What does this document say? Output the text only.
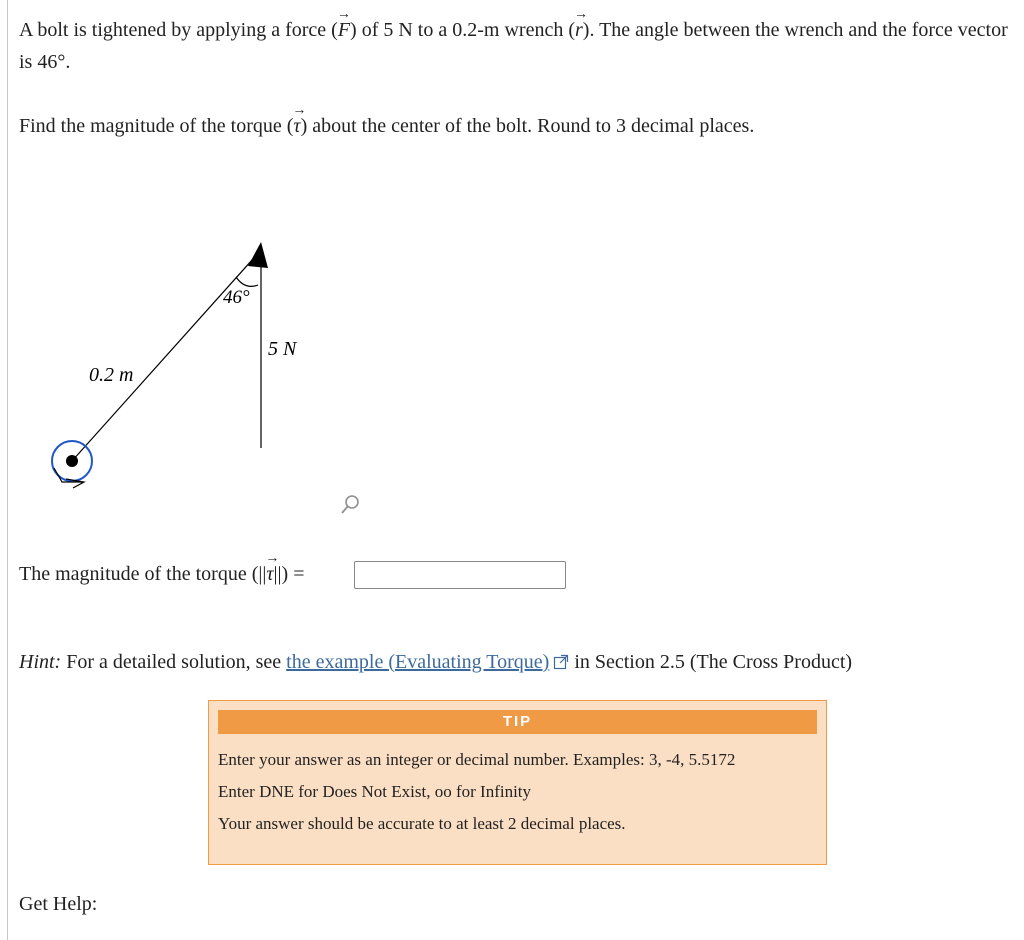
A bolt is tightened by applying a force (→ F) of 5 N to a 0.2-m wrench (→ r). The angle between the wrench and the force vector is 46°.

Find the magnitude of the torque (→ τ) about the center of the bolt. Round to 3 decimal places.

46°
5 N
0.2 m
The magnitude of the torque (||→ τ||) =
Hint: For a detailed solution, see the example (Evaluating Torque) in Section 2.5 (The Cross Product)
TIP
Enter your answer as an integer or decimal number. Examples: 3, -4, 5.5172
Enter DNE for Does Not Exist, oo for Infinity
Your answer should be accurate to at least 2 decimal places.
Get Help:
